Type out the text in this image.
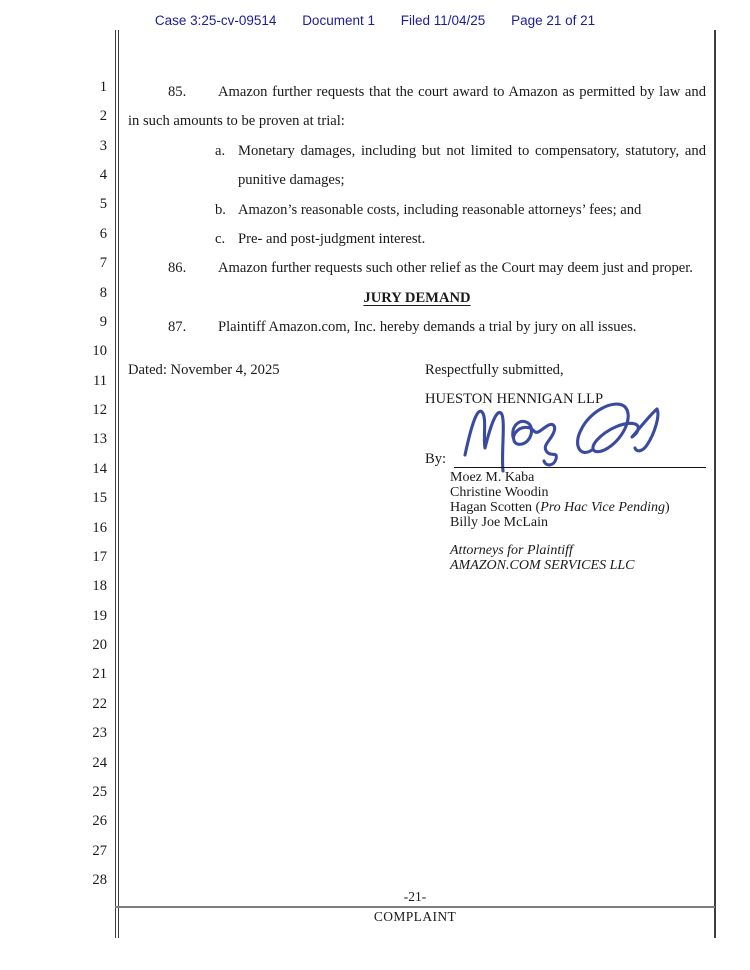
Case 3:25-cv-09514 Document 1 Filed 11/04/25 Page 21 of 21
1
2
3
4
5
6
7
8
9
10
11
12
13
14
15
16
17
18
19
20
21
22
23
24
25
26
27
28
85. Amazon further requests that the court award to Amazon as permitted by law and in such amounts to be proven at trial:
a. Monetary damages, including but not limited to compensatory, statutory, and punitive damages;
b. Amazon’s reasonable costs, including reasonable attorneys’ fees; and
c. Pre- and post-judgment interest.
86. Amazon further requests such other relief as the Court may deem just and proper.
JURY DEMAND
87. Plaintiff Amazon.com, Inc. hereby demands a trial by jury on all issues.
Dated: November 4, 2025	Respectfully submitted,
HUESTON HENNIGAN LLP
By:
Moez M. Kaba
Christine Woodin
Hagan Scotten (Pro Hac Vice Pending)
Billy Joe McLain
Attorneys for Plaintiff
AMAZON.COM SERVICES LLC
-21-
COMPLAINT
